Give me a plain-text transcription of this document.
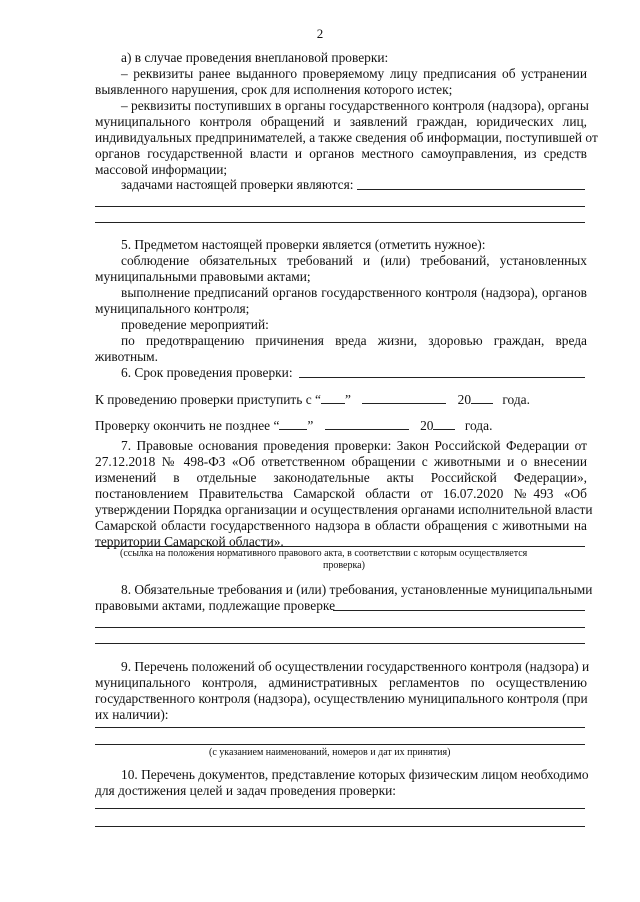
2
а) в случае проведения внеплановой проверки:
– реквизиты ранее выданного проверяемому лицу предписания об устранении
выявленного нарушения, срок для исполнения которого истек;
– реквизиты поступивших в органы государственного контроля (надзора), органы
муниципального контроля обращений и заявлений граждан, юридических лиц,
индивидуальных предпринимателей, а также сведения об информации, поступившей от
органов государственной власти и органов местного самоуправления, из средств
массовой информации;
задачами настоящей проверки являются:
5. Предметом настоящей проверки является (отметить нужное):
соблюдение обязательных требований и (или) требований, установленных
муниципальными правовыми актами;
выполнение предписаний органов государственного контроля (надзора), органов
муниципального контроля;
проведение мероприятий:
по предотвращению причинения вреда жизни, здоровью граждан, вреда
животным.
6. Срок проведения проверки:
К проведению проверки приступить с “ ”	20 года.
Проверку окончить не позднее “ ”	20 года.
7. Правовые основания проведения проверки: Закон Российской Федерации от
27.12.2018 № 498-ФЗ «Об ответственном обращении с животными и о внесении
изменений в отдельные законодательные акты Российской Федерации»,
постановлением Правительства Самарской области от 16.07.2020 №493 «Об
утверждении Порядка организации и осуществления органами исполнительной власти
Самарской области государственного надзора в области обращения с животными на
территории Самарской области».
(ссылка на положения нормативного правового акта, в соответствии с которым осуществляется
проверка)
8. Обязательные требования и (или) требования, установленные муниципальными
правовыми актами, подлежащие проверке
9. Перечень положений об осуществлении государственного контроля (надзора) и
муниципального контроля, административных регламентов по осуществлению
государственного контроля (надзора), осуществлению муниципального контроля (при
их наличии):
(с указанием наименований, номеров и дат их принятия)
10. Перечень документов, представление которых физическим лицом необходимо
для достижения целей и задач проведения проверки:
